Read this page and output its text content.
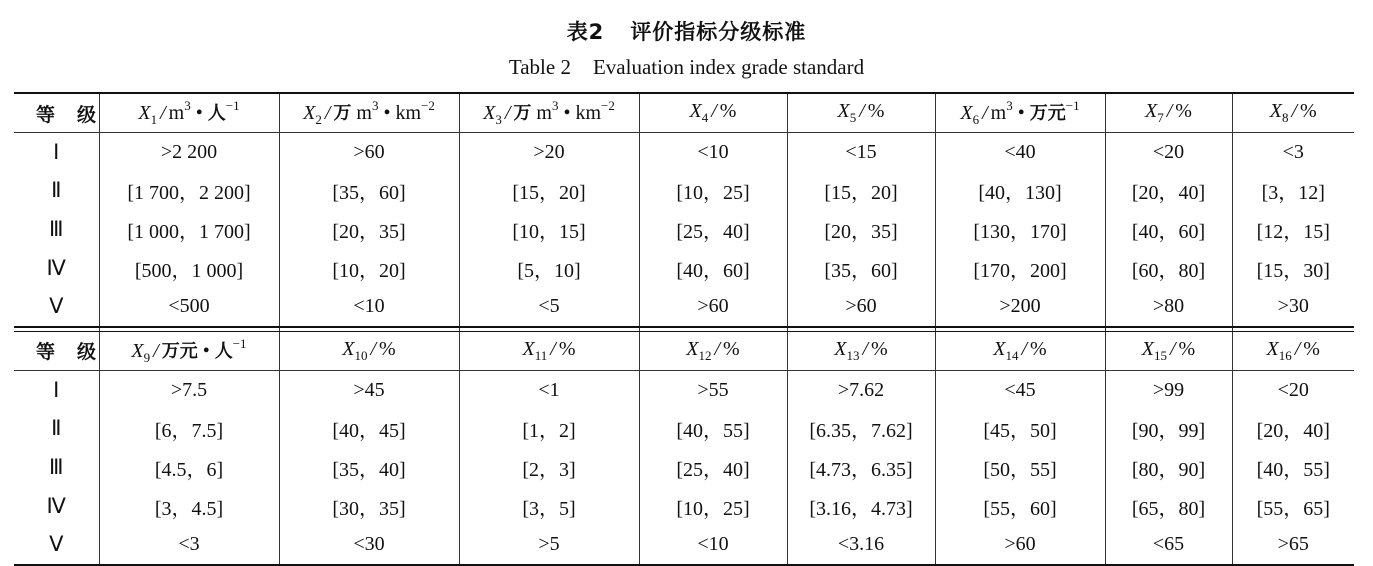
表2 评价指标分级标准
Table 2 Evaluation index grade standard
等级	$X_1 / m^3$ • 人$^{-1}$	$X_2$ / 万 $m^3$ • $km^{-2}$	$X_3$ / 万 $m^3$ • $km^{-2}$	$X_4$ / %	$X_5$ / %	$X_6 / m^3$ • 万元$^{-1}$	$X_7$ / %	$X_8$ / %
Ⅰ	>2 200	>60	>20	<10	<15	<40	<20	<3
Ⅱ	[1 700，2 200]	[35，60]	[15，20]	[10，25]	[15，20]	[40，130]	[20，40]	[3，12]
Ⅲ	[1 000，1 700]	[20，35]	[10，15]	[25，40]	[20，35]	[130，170]	[40，60]	[12，15]
Ⅳ	[500，1 000]	[10，20]	[5，10]	[40，60]	[35，60]	[170，200]	[60，80]	[15，30]
Ⅴ	<500	<10	<5	>60	>60	>200	>80	>30

等级	$X_9$ / 万元 • 人$^{-1}$	$X_{10}$ / %	$X_{11}$ / %	$X_{12}$ / %	$X_{13}$ / %	$X_{14}$ / %	$X_{15}$ / %	$X_{16}$ / %
Ⅰ	>7.5	>45	<1	>55	>7.62	<45	>99	<20
Ⅱ	[6，7.5]	[40，45]	[1，2]	[40，55]	[6.35，7.62]	[45，50]	[90，99]	[20，40]
Ⅲ	[4.5，6]	[35，40]	[2，3]	[25，40]	[4.73，6.35]	[50，55]	[80，90]	[40，55]
Ⅳ	[3，4.5]	[30，35]	[3，5]	[10，25]	[3.16，4.73]	[55，60]	[65，80]	[55，65]
Ⅴ	<3	<30	>5	<10	<3.16	>60	<65	>65
